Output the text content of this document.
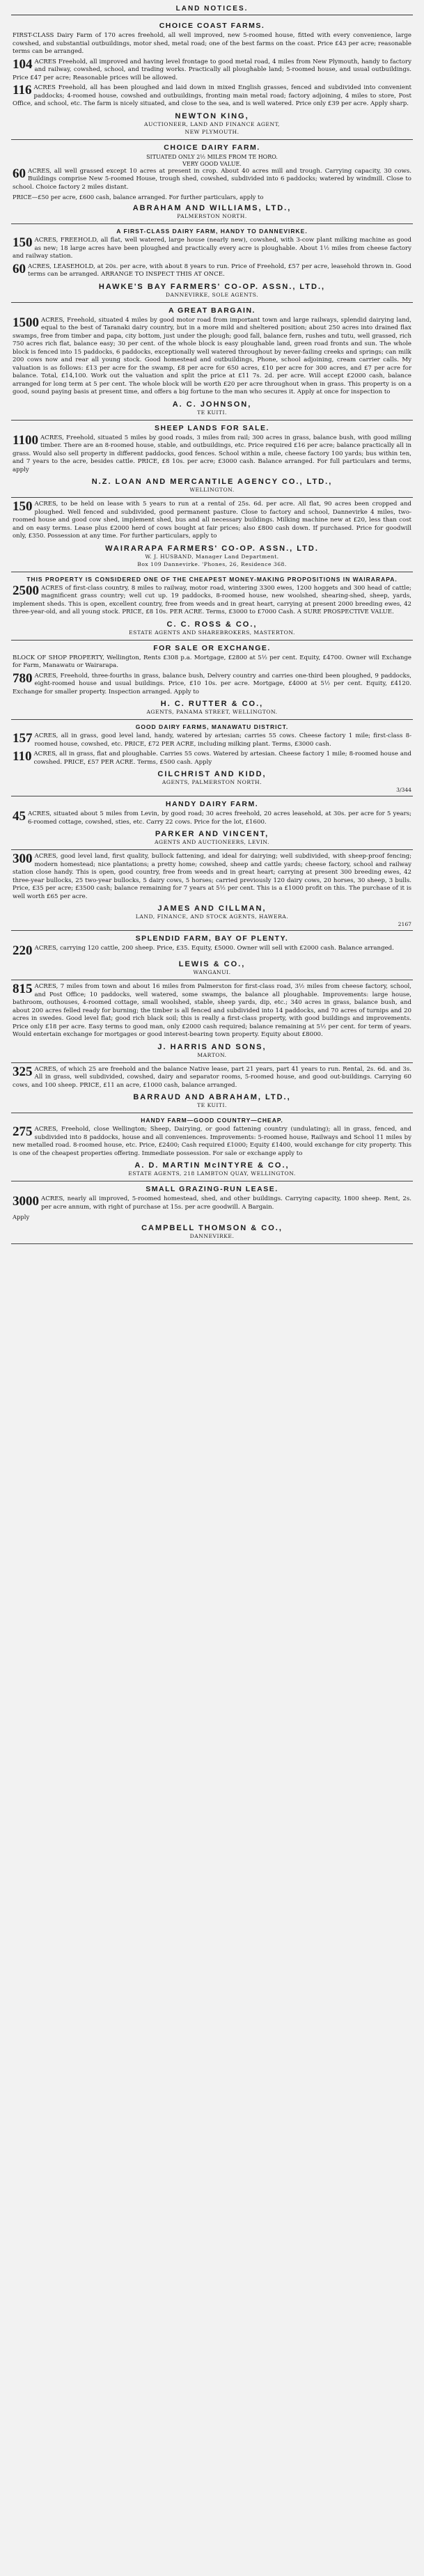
LAND NOTICES.
CHOICE COAST FARMS.
FIRST-CLASS Dairy Farm of 170 acres freehold, all well improved, new 5-roomed house, fitted with every convenience, large cowshed, and substantial outbuildings, motor shed, metal road; one of the best farms on the coast. Price £43 per acre; reasonable terms can be arranged.
104 ACRES Freehold, all improved and having level frontage to good metal road, 4 miles from New Plymouth, handy to factory and railway, cowshed, school, and trading works. Practically all ploughable land; 5-roomed house, and usual outbuildings. Price £47 per acre; Reasonable prices will be allowed.
116 ACRES Freehold, all has been ploughed and laid down in mixed English grasses, fenced and subdivided into convenient paddocks; 4-roomed house, cowshed and outbuildings, fronting main metal road; factory adjoining, 4 miles to store, Post Office, and school, etc. The farm is nicely situated, and close to the sea, and is well watered. Price only £39 per acre. Apply sharp.
NEWTON KING,
AUCTIONEER, LAND AND FINANCE AGENT,
NEW PLYMOUTH.
CHOICE DAIRY FARM.
SITUATED ONLY 2½ MILES FROM TE HORO.
VERY GOOD VALUE.
60 ACRES, all well grassed except 10 acres at present in crop. About 40 acres mill and trough. Carrying capacity, 30 cows. Buildings comprise New 5-roomed House, trough shed, cowshed, subdivided into 6 paddocks; watered by windmill. Close to school. Choice factory 2 miles distant.
PRICE—£50 per acre, £600 cash, balance arranged. For further particulars, apply to
ABRAHAM AND WILLIAMS, LTD.,
PALMERSTON NORTH.
A FIRST-CLASS DAIRY FARM, HANDY TO DANNEVIRKE.
150 ACRES, FREEHOLD, all flat, well watered, large house (nearly new), cowshed, with 3-cow plant milking machine as good as new; 18 large acres have been ploughed and practically every acre is ploughable. About 1½ miles from cheese factory and railway station.
60 ACRES, LEASEHOLD, at 20s. per acre, with about 8 years to run. Price of Freehold, £57 per acre, leasehold thrown in. Good terms can be arranged. ARRANGE TO INSPECT THIS AT ONCE.
HAWKE'S BAY FARMERS' CO-OP. ASSN., LTD.,
DANNEVIRKE, SOLE AGENTS.
A GREAT BARGAIN.
1500 ACRES, Freehold, situated 4 miles by good motor road from important town and large railways, splendid dairying land, equal to the best of Taranaki dairy country, but in a more mild and sheltered position; about 250 acres into drained flax swamps, free from timber and papa, city bottom, just under the plough; good fall, balance fern, rushes and tutu, well grassed, rich 750 acres rich flat, balance easy; 30 per cent. of the whole block is easy ploughable land, green road fronts and sun. The whole block is fenced into 15 paddocks, 6 paddocks, exceptionally well watered throughout by never-failing creeks and springs; can milk 200 cows now and rear all young stock. Good homestead and outbuildings, Phone, school adjoining, cream carrier calls. My valuation is as follows: £13 per acre for the swamp, £8 per acre for 650 acres, £10 per acre for 300 acres, and £7 per acre for balance. Total, £14,100. Work out the valuation and split the price at £11 7s. 2d. per acre. Will accept £2000 cash, balance arranged for long term at 5 per cent. The whole block will be worth £20 per acre throughout when in grass. This property is on a good, sound paying basis at present time, and offers a big fortune to the man who secures it. Apply at once for inspection to
A. C. JOHNSON,
TE KUITI.
SHEEP LANDS FOR SALE.
1100 ACRES, Freehold, situated 5 miles by good roads, 3 miles from rail; 300 acres in grass, balance bush, with good milling timber. There are an 8-roomed house, stable, and outbuildings, etc. Price required £16 per acre; balance practically all in grass. Would also sell property in different paddocks, good fences. School within a mile, cheese factory 100 yards; bus within ten, and 7 years to the acre, besides cattle. PRICE, £8 10s. per acre; £3000 cash. Balance arranged. For full particulars and terms, apply
N.Z. LOAN AND MERCANTILE AGENCY CO., LTD.,
WELLINGTON.
150 ACRES, to be held on lease with 5 years to run at a rental of 25s. 6d. per acre. All flat, 90 acres been cropped and ploughed. Well fenced and subdivided, good permanent pasture. Close to factory and school, Dannevirke 4 miles, two-roomed house and good cow shed, implement shed, bus and all necessary buildings. Milking machine new at £20, less than cost and on easy terms. Lease plus £2000 herd of cows bought at fair prices; also £800 cash down. If purchased. Price for goodwill only, £350. Possession at any time. For further particulars, apply to
WAIRARAPA FARMERS' CO-OP. ASSN., LTD.
W. J. HUSBAND, Manager Land Department.
Box 109 Dannevirke. 'Phones, 26, Residence 368.
THIS PROPERTY IS CONSIDERED ONE OF THE CHEAPEST MONEY-MAKING PROPOSITIONS IN WAIRARAPA.
2500 ACRES of first-class country, 8 miles to railway, motor road, wintering 3300 ewes, 1200 hoggets and 300 head of cattle; magnificent grass country; well cut up. 19 paddocks, 8-roomed house, new woolshed, shearing-shed, sheep, yards, implement sheds. This is open, excellent country, free from weeds and in great heart, carrying at present 2000 breeding ewes, 42 three-year-old, and all young stock. PRICE, £8 10s. PER ACRE. Terms, £3000 to £7000 Cash. A SURE PROSPECTIVE VALUE.
C. C. ROSS & CO.,
ESTATE AGENTS AND SHAREBROKERS, MASTERTON.
FOR SALE OR EXCHANGE.
BLOCK OF SHOP PROPERTY, Wellington, Rents £308 p.a. Mortgage, £2800 at 5½ per cent. Equity, £4700. Owner will Exchange for Farm, Manawatu or Wairarapa.
780 ACRES, Freehold, three-fourths in grass, balance bush, Delvery country and carries one-third been ploughed, 9 paddocks, eight-roomed house and usual buildings. Price, £10 10s. per acre. Mortgage, £4000 at 5½ per cent. Equity, £4120. Exchange for smaller property. Inspection arranged. Apply to
H. C. RUTTER & CO.,
AGENTS, PANAMA STREET, WELLINGTON.
GOOD DAIRY FARMS, MANAWATU DISTRICT.
157 ACRES, all in grass, good level land, handy, watered by artesian; carries 55 cows. Cheese factory 1 mile; first-class 8-roomed house, cowshed, etc. PRICE, £72 PER ACRE, including milking plant. Terms, £3000 cash.
110 ACRES, all in grass, flat and ploughable. Carries 55 cows. Watered by artesian. Cheese factory 1 mile; 8-roomed house and cowshed. PRICE, £57 PER ACRE. Terms, £500 cash. Apply
CILCHRIST AND KIDD,
AGENTS, PALMERSTON NORTH.
3/344
HANDY DAIRY FARM.
45 ACRES, situated about 5 miles from Levin, by good road; 30 acres freehold, 20 acres leasehold, at 30s. per acre for 5 years; 6-roomed cottage, cowshed, sties, etc. Carry 22 cows. Price for the lot, £1600.
PARKER AND VINCENT,
AGENTS AND AUCTIONEERS, LEVIN.
300 ACRES, good level land, first quality, bullock fattening, and ideal for dairying; well subdivided, with sheep-proof fencing; modern homestead; nice plantations; a pretty home; cowshed, sheep and cattle yards; cheese factory, school and railway station close handy. This is open, good country, free from weeds and in great heart; carrying at present 300 breeding ewes, 42 three-year bullocks, 25 two-year bullocks, 5 dairy cows, 5 horses; carried previously 120 dairy cows, 20 horses, 30 sheep, 3 bulls. Price, £35 per acre; £3500 cash; balance remaining for 7 years at 5½ per cent. This is a £1000 profit on this. The purchase of it is well worth £65 per acre.
JAMES AND CILLMAN,
LAND, FINANCE, AND STOCK AGENTS, HAWERA.
2167
SPLENDID FARM, BAY OF PLENTY.
220 ACRES, carrying 120 cattle, 200 sheep. Price, £35. Equity, £5000. Owner will sell with £2000 cash. Balance arranged.
LEWIS & CO.,
WANGANUI.
815 ACRES, 7 miles from town and about 16 miles from Palmerston for first-class road, 3½ miles from cheese factory, school, and Post Office; 10 paddocks, well watered, some swamps, the balance all ploughable. Improvements: large house, bathroom, outhouses, 4-roomed cottage, small woolshed, stable, sheep yards, dip, etc.; 340 acres in grass, balance bush, and about 200 acres felled ready for burning; the timber is all fenced and subdivided into 14 paddocks, and 70 acres of turnips and 20 acres in swedes. Good level flat; good rich black soil; this is really a first-class property, with good buildings and improvements. Price only £18 per acre. Easy terms to good man, only £2000 cash required; balance remaining at 5½ per cent. for term of years. Would entertain exchange for mortgages or good interest-bearing town property. Equity about £8000.
J. HARRIS AND SONS,
MARTON.
325 ACRES, of which 25 are freehold and the balance Native lease, part 21 years, part 41 years to run. Rental, 2s. 6d. and 3s. All in grass, well subdivided, cowshed, dairy and separator rooms, 5-roomed house, and good out-buildings. Carrying 60 cows, and 100 sheep. PRICE, £11 an acre, £1000 cash, balance arranged.
BARRAUD AND ABRAHAM, LTD.,
TE KUITI.
HANDY FARM—GOOD COUNTRY—CHEAP.
275 ACRES, Freehold, close Wellington; Sheep, Dairying, or good fattening country (undulating); all in grass, fenced, and subdivided into 8 paddocks, house and all conveniences. Improvements: 5-roomed house, Railways and School 11 miles by new metalled road. 8-roomed house, etc. Price, £2400; Cash required £1000; Equity £1400, would exchange for city property. This is one of the cheapest properties offering. Immediate possession. For sale or exchange apply to
A. D. MARTIN McINTYRE & CO.,
ESTATE AGENTS, 218 LAMBTON QUAY, WELLINGTON.
SMALL GRAZING-RUN LEASE.
3000 ACRES, nearly all improved, 5-roomed homestead, shed, and other buildings. Carrying capacity, 1800 sheep. Rent, 2s. per acre annum, with right of purchase at 15s. per acre goodwill. A Bargain.
Apply
CAMPBELL THOMSON & CO.,
DANNEVIRKE.
